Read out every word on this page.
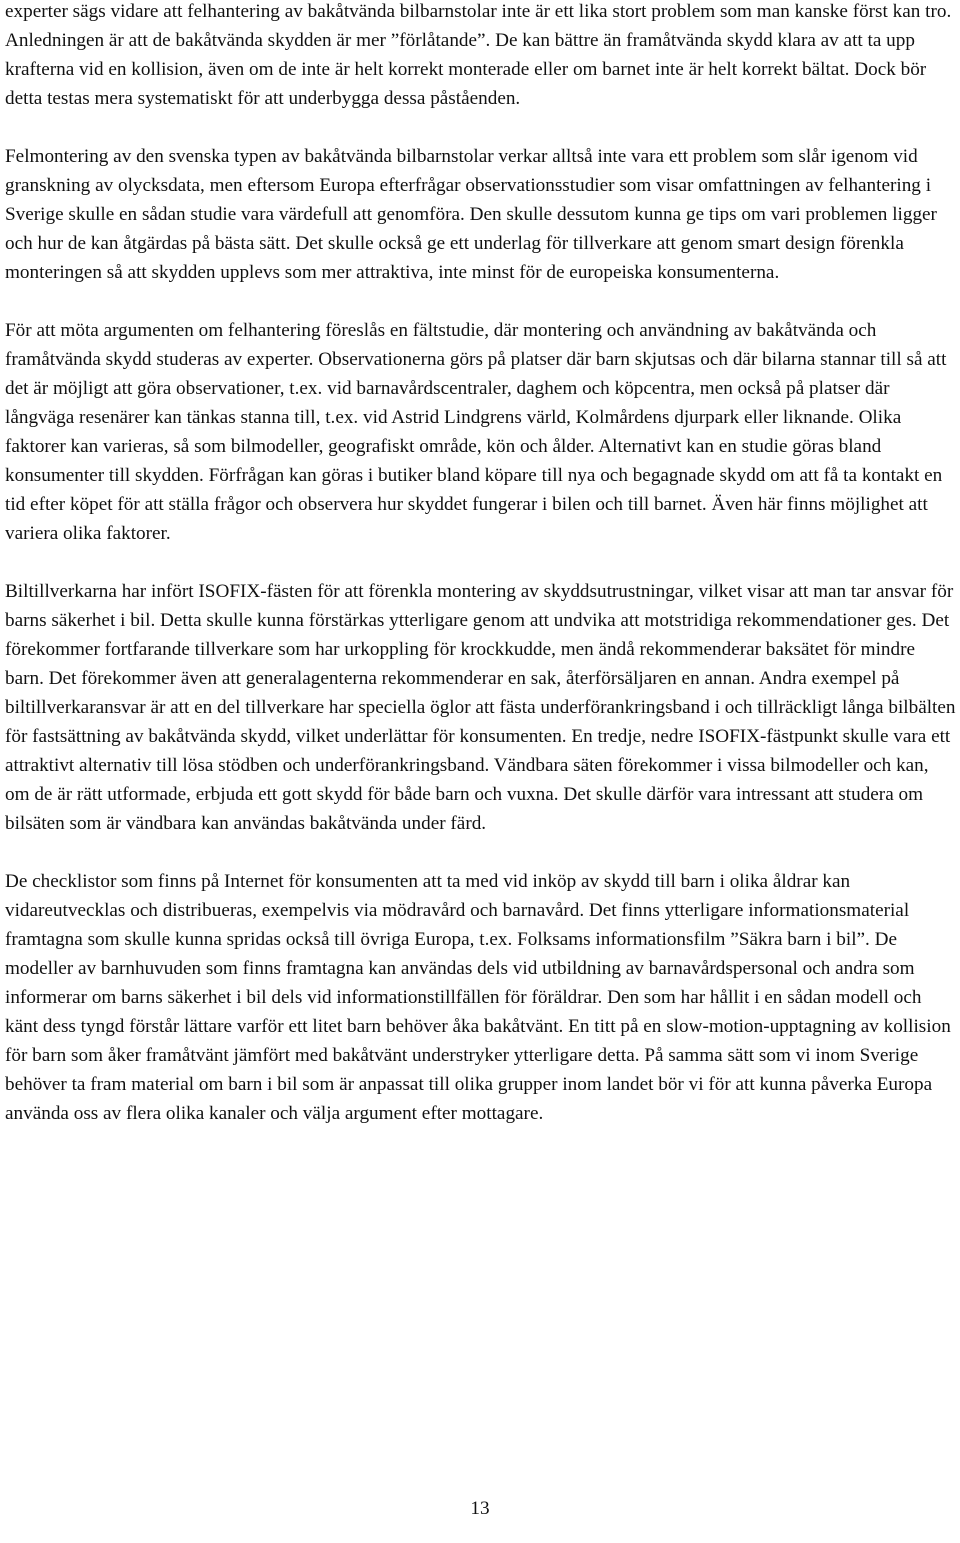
experter sägs vidare att felhantering av bakåtvända bilbarnstolar inte är ett lika stort problem som man kanske först kan tro. Anledningen är att de bakåtvända skydden är mer ”förlåtande”. De kan bättre än framåtvända skydd klara av att ta upp krafterna vid en kollision, även om de inte är helt korrekt monterade eller om barnet inte är helt korrekt bältat. Dock bör detta testas mera systematiskt för att underbygga dessa påståenden.

Felmontering av den svenska typen av bakåtvända bilbarnstolar verkar alltså inte vara ett problem som slår igenom vid granskning av olycksdata, men eftersom Europa efterfrågar observationsstudier som visar omfattningen av felhantering i Sverige skulle en sådan studie vara värdefull att genomföra. Den skulle dessutom kunna ge tips om vari problemen ligger och hur de kan åtgärdas på bästa sätt. Det skulle också ge ett underlag för tillverkare att genom smart design förenkla monteringen så att skydden upplevs som mer attraktiva, inte minst för de europeiska konsumenterna.

För att möta argumenten om felhantering föreslås en fältstudie, där montering och användning av bakåtvända och framåtvända skydd studeras av experter. Observationerna görs på platser där barn skjutsas och där bilarna stannar till så att det är möjligt att göra observationer, t.ex. vid barnavårdscentraler, daghem och köpcentra, men också på platser där långväga resenärer kan tänkas stanna till, t.ex. vid Astrid Lindgrens värld, Kolmårdens djurpark eller liknande. Olika faktorer kan varieras, så som bilmodeller, geografiskt område, kön och ålder. Alternativt kan en studie göras bland konsumenter till skydden. Förfrågan kan göras i butiker bland köpare till nya och begagnade skydd om att få ta kontakt en tid efter köpet för att ställa frågor och observera hur skyddet fungerar i bilen och till barnet. Även här finns möjlighet att variera olika faktorer.

Biltillverkarna har infört ISOFIX-fästen för att förenkla montering av skyddsutrustningar, vilket visar att man tar ansvar för barns säkerhet i bil. Detta skulle kunna förstärkas ytterligare genom att undvika att motstridiga rekommendationer ges. Det förekommer fortfarande tillverkare som har urkoppling för krockkudde, men ändå rekommenderar baksätet för mindre barn. Det förekommer även att generalagenterna rekommenderar en sak, återförsäljaren en annan. Andra exempel på biltillverkaransvar är att en del tillverkare har speciella öglor att fästa underförankringsband i och tillräckligt långa bilbälten för fastsättning av bakåtvända skydd, vilket underlättar för konsumenten. En tredje, nedre ISOFIX-fästpunkt skulle vara ett attraktivt alternativ till lösa stödben och underförankringsband. Vändbara säten förekommer i vissa bilmodeller och kan, om de är rätt utformade, erbjuda ett gott skydd för både barn och vuxna. Det skulle därför vara intressant att studera om bilsäten som är vändbara kan användas bakåtvända under färd.

De checklistor som finns på Internet för konsumenten att ta med vid inköp av skydd till barn i olika åldrar kan vidareutvecklas och distribueras, exempelvis via mödravård och barnavård. Det finns ytterligare informationsmaterial framtagna som skulle kunna spridas också till övriga Europa, t.ex. Folksams informationsfilm ”Säkra barn i bil”. De modeller av barnhuvuden som finns framtagna kan användas dels vid utbildning av barnavårdspersonal och andra som informerar om barns säkerhet i bil dels vid informationstillfällen för föräldrar. Den som har hållit i en sådan modell och känt dess tyngd förstår lättare varför ett litet barn behöver åka bakåtvänt. En titt på en slow-motion-upptagning av kollision för barn som åker framåtvänt jämfört med bakåtvänt understryker ytterligare detta. På samma sätt som vi inom Sverige behöver ta fram material om barn i bil som är anpassat till olika grupper inom landet bör vi för att kunna påverka Europa använda oss av flera olika kanaler och välja argument efter mottagare.

13
